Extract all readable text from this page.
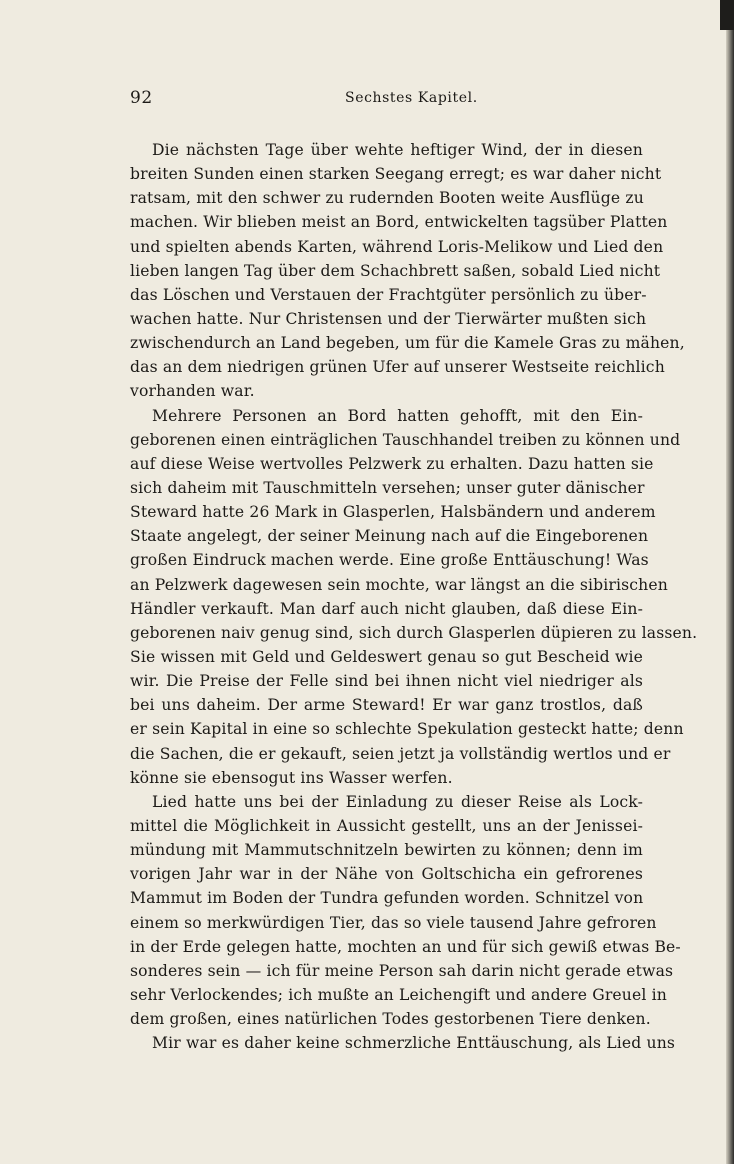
92	Sechstes Kapitel.
Die nächsten Tage über wehte heftiger Wind, der in diesen
breiten Sunden einen starken Seegang erregt; es war daher nicht
ratsam, mit den schwer zu rudernden Booten weite Ausflüge zu
machen. Wir blieben meist an Bord, entwickelten tagsüber Platten
und spielten abends Karten, während Loris-Melikow und Lied den
lieben langen Tag über dem Schachbrett saßen, sobald Lied nicht
das Löschen und Verstauen der Frachtgüter persönlich zu über-
wachen hatte. Nur Christensen und der Tierwärter mußten sich
zwischendurch an Land begeben, um für die Kamele Gras zu mähen,
das an dem niedrigen grünen Ufer auf unserer Westseite reichlich
vorhanden war.
Mehrere Personen an Bord hatten gehofft, mit den Ein-
geborenen einen einträglichen Tauschhandel treiben zu können und
auf diese Weise wertvolles Pelzwerk zu erhalten. Dazu hatten sie
sich daheim mit Tauschmitteln versehen; unser guter dänischer
Steward hatte 26 Mark in Glasperlen, Halsbändern und anderem
Staate angelegt, der seiner Meinung nach auf die Eingeborenen
großen Eindruck machen werde. Eine große Enttäuschung! Was
an Pelzwerk dagewesen sein mochte, war längst an die sibirischen
Händler verkauft. Man darf auch nicht glauben, daß diese Ein-
geborenen naiv genug sind, sich durch Glasperlen düpieren zu lassen.
Sie wissen mit Geld und Geldeswert genau so gut Bescheid wie
wir. Die Preise der Felle sind bei ihnen nicht viel niedriger als
bei uns daheim. Der arme Steward! Er war ganz trostlos, daß
er sein Kapital in eine so schlechte Spekulation gesteckt hatte; denn
die Sachen, die er gekauft, seien jetzt ja vollständig wertlos und er
könne sie ebensogut ins Wasser werfen.
Lied hatte uns bei der Einladung zu dieser Reise als Lock-
mittel die Möglichkeit in Aussicht gestellt, uns an der Jenissei-
mündung mit Mammutschnitzeln bewirten zu können; denn im
vorigen Jahr war in der Nähe von Goltschicha ein gefrorenes
Mammut im Boden der Tundra gefunden worden. Schnitzel von
einem so merkwürdigen Tier, das so viele tausend Jahre gefroren
in der Erde gelegen hatte, mochten an und für sich gewiß etwas Be-
sonderes sein — ich für meine Person sah darin nicht gerade etwas
sehr Verlockendes; ich mußte an Leichengift und andere Greuel in
dem großen, eines natürlichen Todes gestorbenen Tiere denken.
Mir war es daher keine schmerzliche Enttäuschung, als Lied uns
